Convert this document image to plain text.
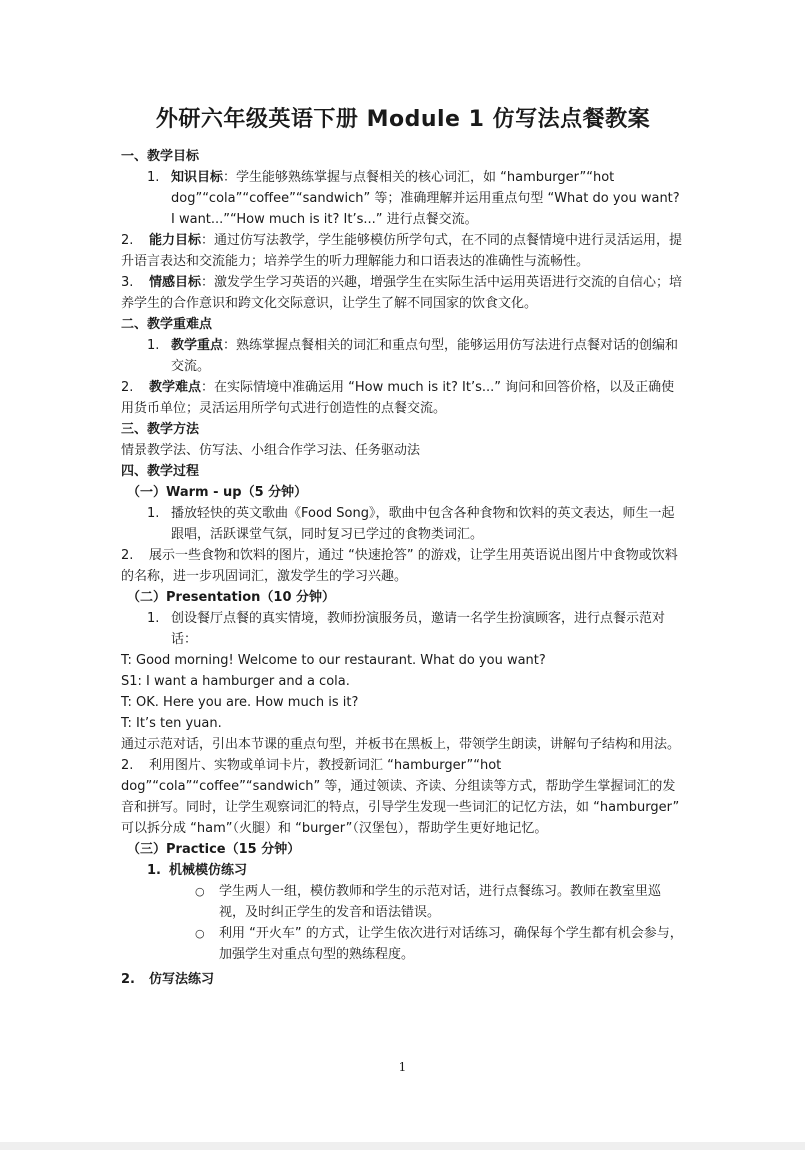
外研六年级英语下册 Module 1 仿写法点餐教案
一、教学目标
1. 知识目标：学生能够熟练掌握与点餐相关的核心词汇，如 “hamburger”“hot dog”“cola”“coffee”“sandwich” 等；准确理解并运用重点句型 “What do you want? I want...”“How much is it? It’s...” 进行点餐交流。
2. 能力目标：通过仿写法教学，学生能够模仿所学句式，在不同的点餐情境中进行灵活运用，提升语言表达和交流能力；培养学生的听力理解能力和口语表达的准确性与流畅性。
3. 情感目标：激发学生学习英语的兴趣，增强学生在实际生活中运用英语进行交流的自信心；培养学生的合作意识和跨文化交际意识，让学生了解不同国家的饮食文化。
二、教学重难点
1. 教学重点：熟练掌握点餐相关的词汇和重点句型，能够运用仿写法进行点餐对话的创编和交流。
2. 教学难点：在实际情境中准确运用 “How much is it? It’s...” 询问和回答价格，以及正确使用货币单位；灵活运用所学句式进行创造性的点餐交流。
三、教学方法
情景教学法、仿写法、小组合作学习法、任务驱动法
四、教学过程
（一）Warm - up（5 分钟）
1. 播放轻快的英文歌曲《Food Song》，歌曲中包含各种食物和饮料的英文表达，师生一起跟唱，活跃课堂气氛，同时复习已学过的食物类词汇。
2. 展示一些食物和饮料的图片，通过 “快速抢答” 的游戏，让学生用英语说出图片中食物或饮料的名称，进一步巩固词汇，激发学生的学习兴趣。
（二）Presentation（10 分钟）
1. 创设餐厅点餐的真实情境，教师扮演服务员，邀请一名学生扮演顾客，进行点餐示范对话：
T: Good morning! Welcome to our restaurant. What do you want?
S1: I want a hamburger and a cola.
T: OK. Here you are. How much is it?
T: It’s ten yuan.
通过示范对话，引出本节课的重点句型，并板书在黑板上，带领学生朗读，讲解句子结构和用法。
2. 利用图片、实物或单词卡片，教授新词汇 “hamburger”“hot dog”“cola”“coffee”“sandwich” 等，通过领读、齐读、分组读等方式，帮助学生掌握词汇的发音和拼写。同时，让学生观察词汇的特点，引导学生发现一些词汇的记忆方法，如 “hamburger” 可以拆分成 “ham”（火腿）和 “burger”（汉堡包），帮助学生更好地记忆。
（三）Practice（15 分钟）
1. 机械模仿练习
○ 学生两人一组，模仿教师和学生的示范对话，进行点餐练习。教师在教室里巡视，及时纠正学生的发音和语法错误。
○ 利用 “开火车” 的方式，让学生依次进行对话练习，确保每个学生都有机会参与，加强学生对重点句型的熟练程度。
2. 仿写法练习
1
